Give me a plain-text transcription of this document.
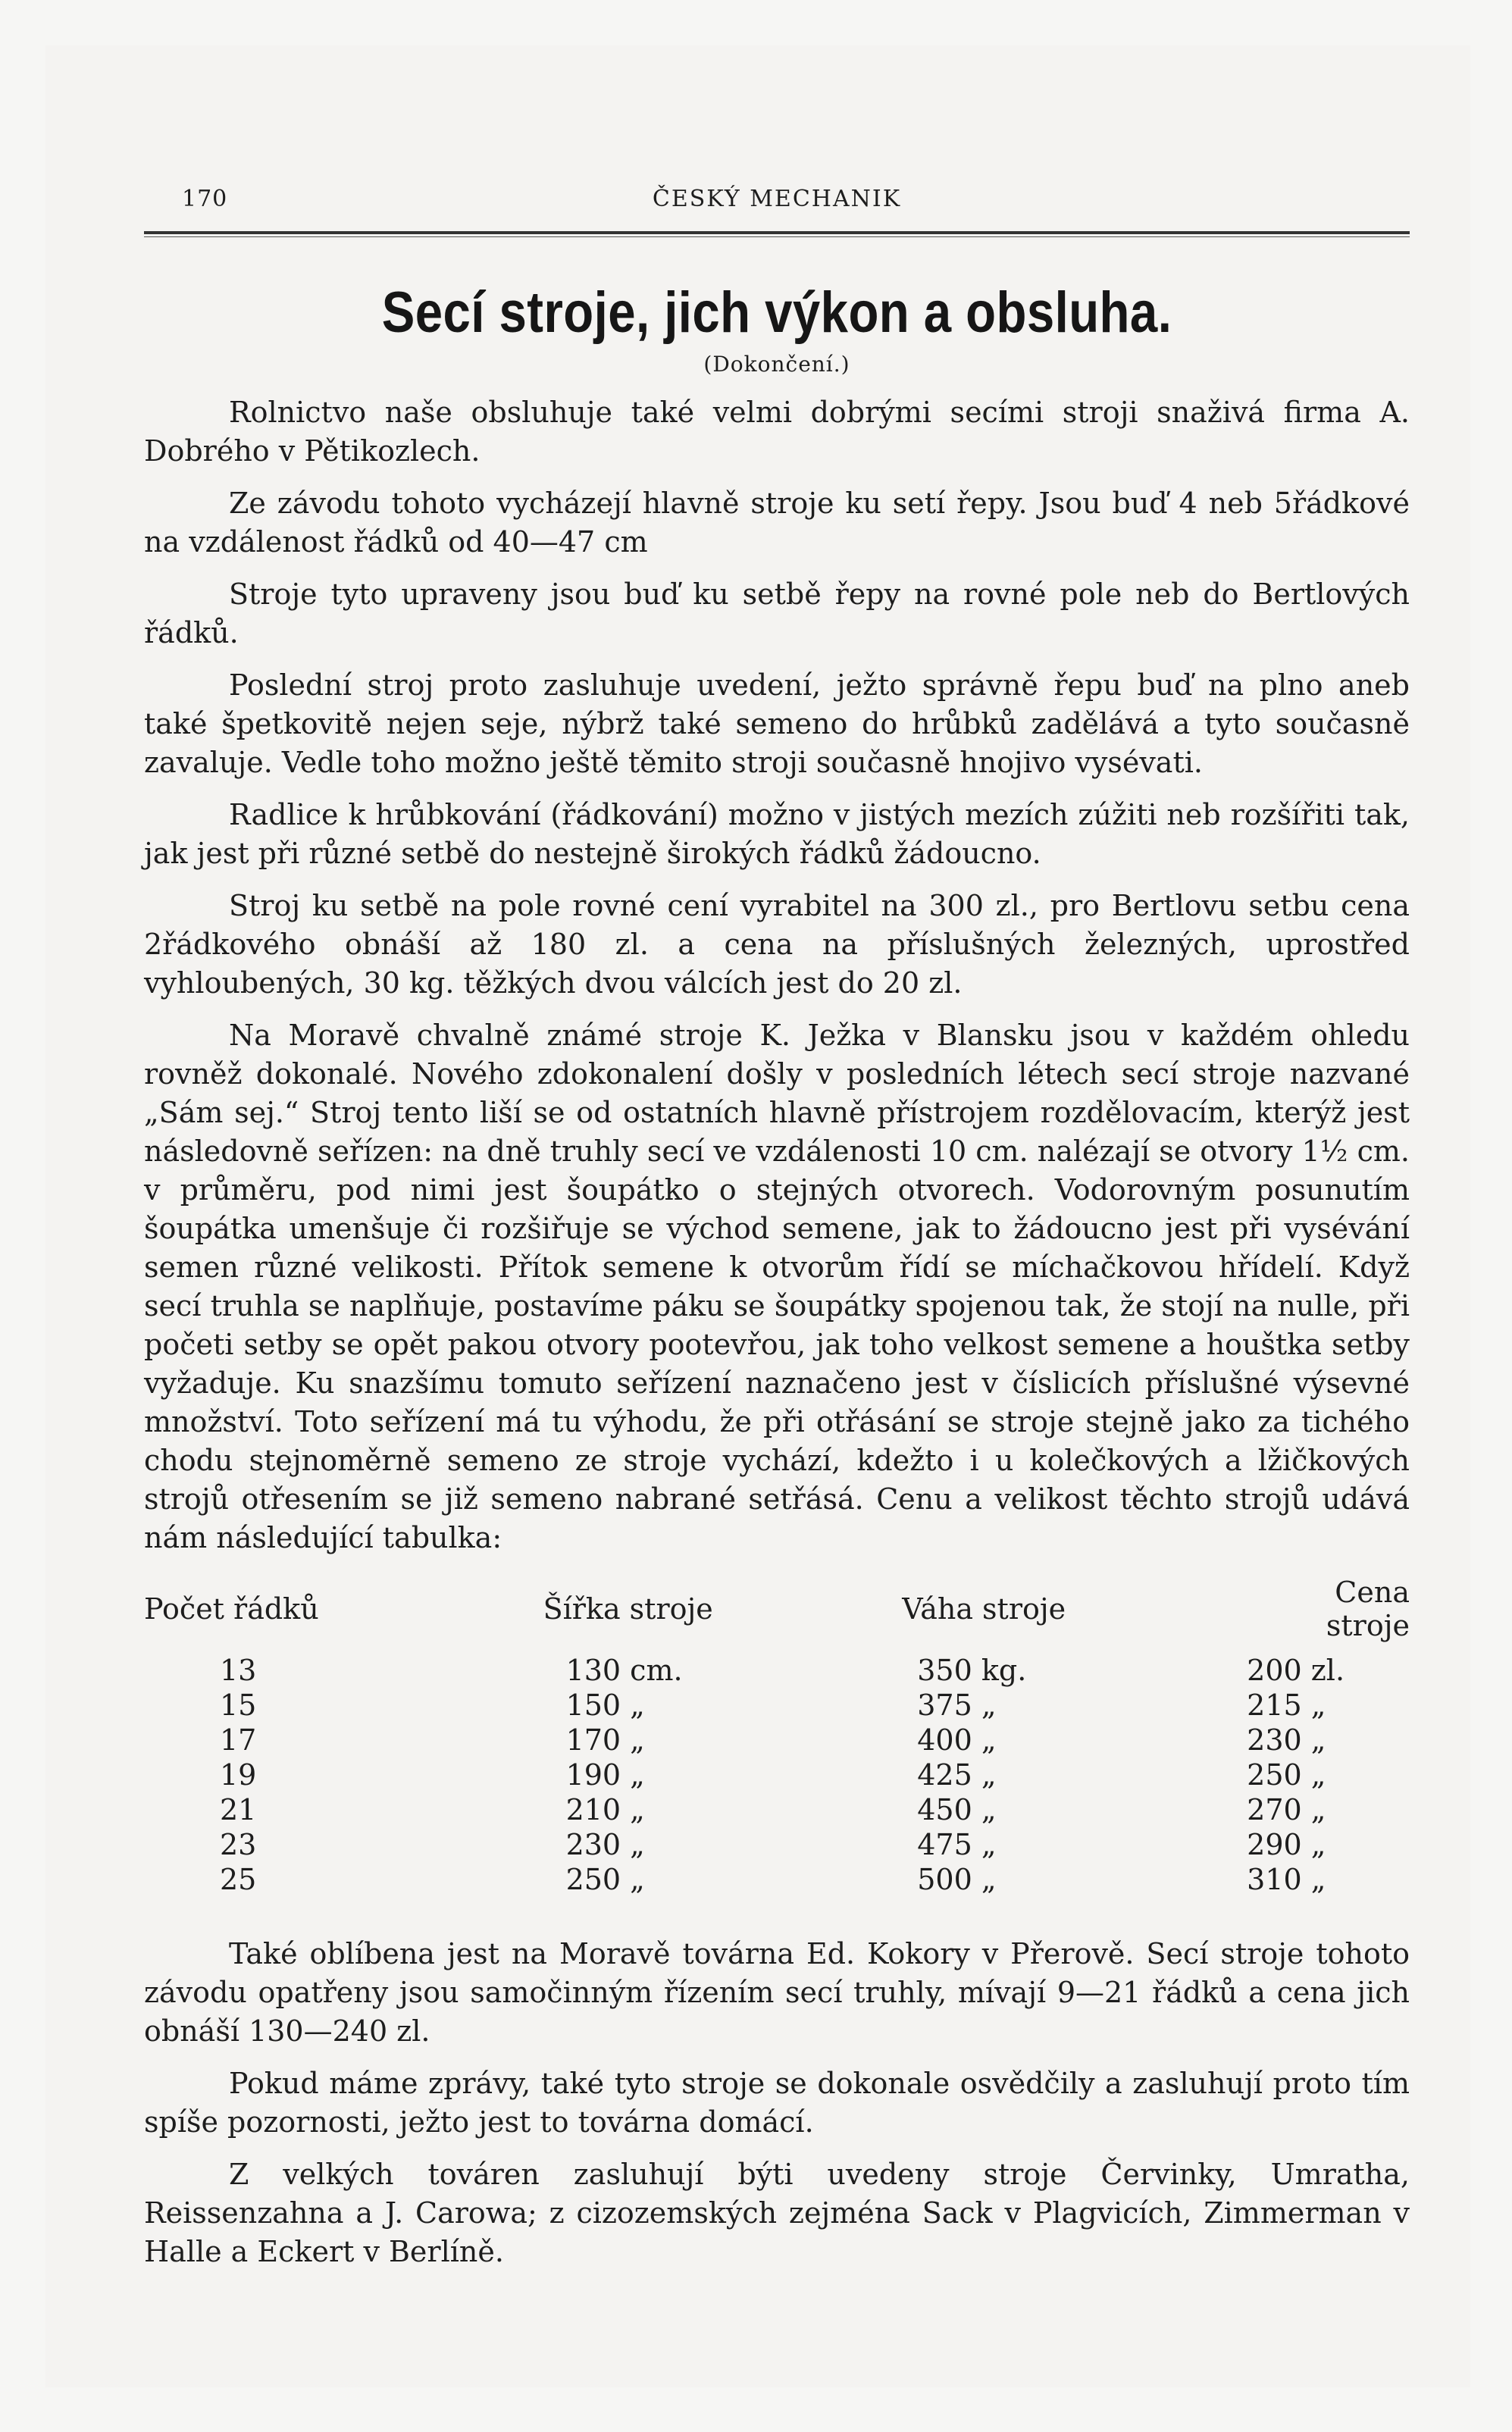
170	ČESKÝ MECHANIK
Secí stroje, jich výkon a obsluha.
(Dokončení.)

Rolnictvo naše obsluhuje také velmi dobrými secími stroji snaživá firma A. Dobrého v Pětikozlech.

Ze závodu tohoto vycházejí hlavně stroje ku setí řepy. Jsou buď 4 neb 5řádkové na vzdálenost řádků od 40—47 cm

Stroje tyto upraveny jsou buď ku setbě řepy na rovné pole neb do Bertlových řádků.

Poslední stroj proto zasluhuje uvedení, ježto správně řepu buď na plno aneb také špetkovitě nejen seje, nýbrž také semeno do hrůbků zadělává a tyto současně zavaluje. Vedle toho možno ještě těmito stroji současně hnojivo vysévati.

Radlice k hrůbkování (řádkování) možno v jistých mezích zúžiti neb rozšířiti tak, jak jest při různé setbě do nestejně širokých řádků žádoucno.

Stroj ku setbě na pole rovné cení vyrabitel na 300 zl., pro Bertlovu setbu cena 2řádkového obnáší až 180 zl. a cena na příslušných železných, uprostřed vyhloubených, 30 kg. těžkých dvou válcích jest do 20 zl.

Na Moravě chvalně známé stroje K. Ježka v Blansku jsou v každém ohledu rovněž dokonalé. Nového zdokonalení došly v posledních létech secí stroje nazvané „Sám sej.“ Stroj tento liší se od ostatních hlavně přístrojem rozdělovacím, kterýž jest následovně seřízen: na dně truhly secí ve vzdálenosti 10 cm. nalézají se otvory 1½ cm. v průměru, pod nimi jest šoupátko o stejných otvorech. Vodorovným posunutím šoupátka umenšuje či rozšiřuje se východ semene, jak to žádoucno jest při vysévání semen různé velikosti. Přítok semene k otvorům řídí se míchačkovou hřídelí. Když secí truhla se naplňuje, postavíme páku se šoupátky spojenou tak, že stojí na nulle, při početi setby se opět pakou otvory pootevřou, jak toho velkost semene a houštka setby vyžaduje. Ku snazšímu tomuto seřízení naznačeno jest v číslicích příslušné výsevné množství. Toto seřízení má tu výhodu, že při otřásání se stroje stejně jako za tichého chodu stejnoměrně semeno ze stroje vychází, kdežto i u kolečkových a lžičkových strojů otřesením se již semeno nabrané setřásá. Cenu a velikost těchto strojů udává nám následující tabulka:

Počet řádků	Šířka stroje	Váha stroje	Cena stroje
13	130 cm.	350 kg.	200 zl.
15	150 „	375 „	215 „
17	170 „	400 „	230 „
19	190 „	425 „	250 „
21	210 „	450 „	270 „
23	230 „	475 „	290 „
25	250 „	500 „	310 „

Také oblíbena jest na Moravě továrna Ed. Kokory v Přerově. Secí stroje tohoto závodu opatřeny jsou samočinným řízením secí truhly, mívají 9—21 řádků a cena jich obnáší 130—240 zl.

Pokud máme zprávy, také tyto stroje se dokonale osvědčily a zasluhují proto tím spíše pozornosti, ježto jest to továrna domácí.

Z velkých továren zasluhují býti uvedeny stroje Červinky, Umratha, Reissenzahna a J. Carowa; z cizozemských zejména Sack v Plagvicích, Zimmerman v Halle a Eckert v Berlíně.
